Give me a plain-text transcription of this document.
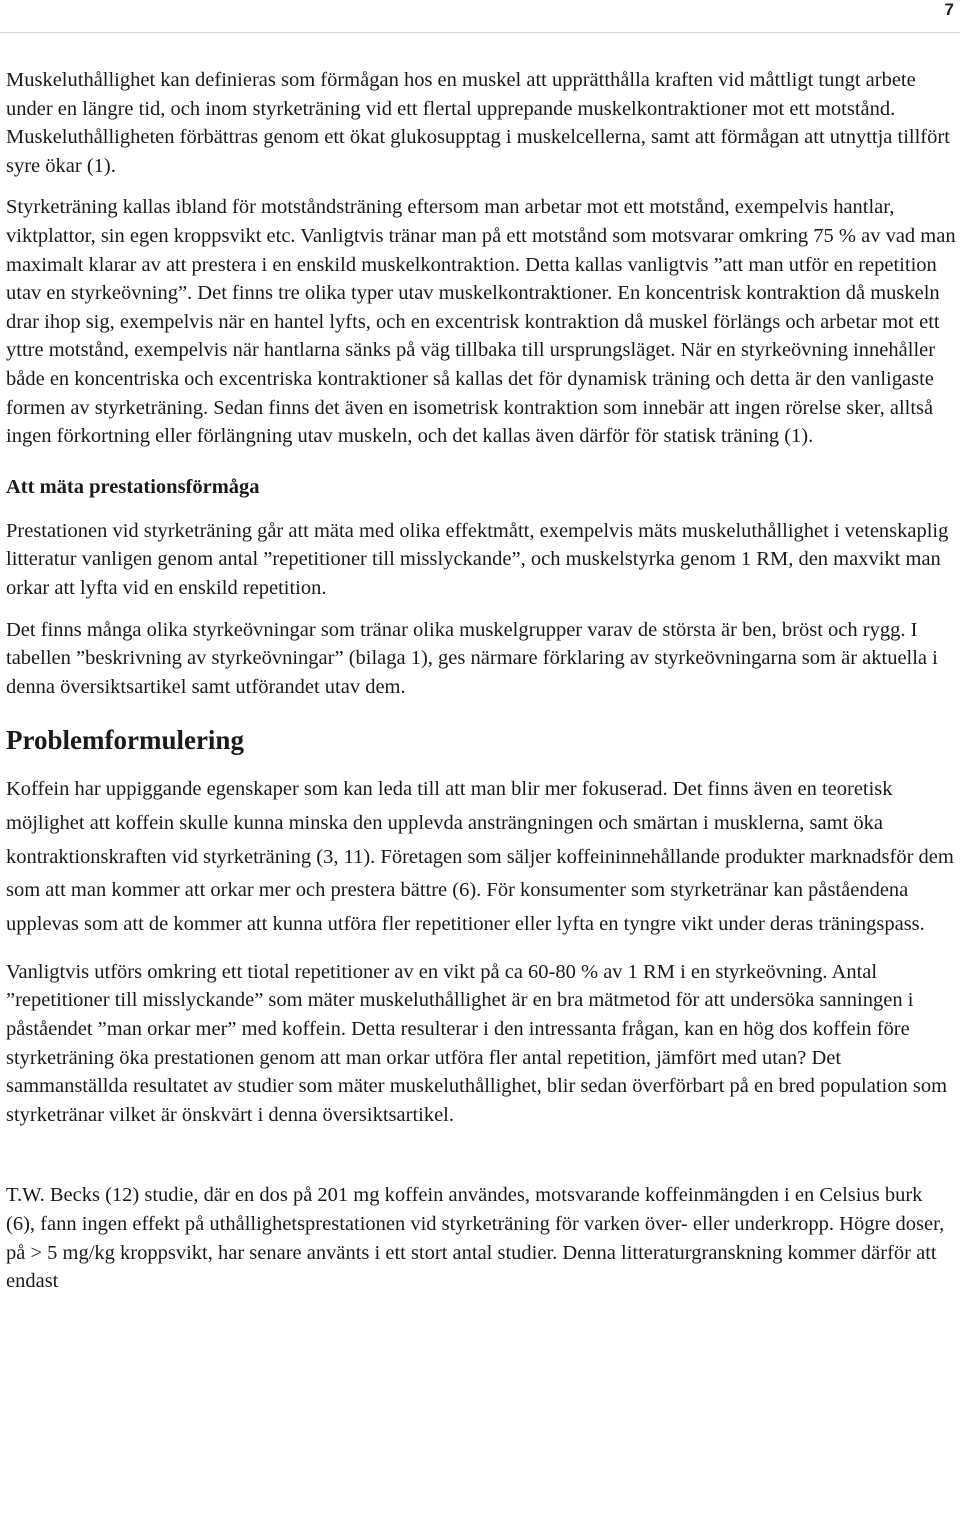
7

Muskeluthållighet kan definieras som förmågan hos en muskel att upprätthålla kraften vid måttligt tungt arbete under en längre tid, och inom styrketräning vid ett flertal upprepande muskelkontraktioner mot ett motstånd. Muskeluthålligheten förbättras genom ett ökat glukosupptag i muskelcellerna, samt att förmågan att utnyttja tillfört syre ökar (1).

Styrketräning kallas ibland för motståndsträning eftersom man arbetar mot ett motstånd, exempelvis hantlar, viktplattor, sin egen kroppsvikt etc. Vanligtvis tränar man på ett motstånd som motsvarar omkring 75 % av vad man maximalt klarar av att prestera i en enskild muskelkontraktion. Detta kallas vanligtvis ”att man utför en repetition utav en styrkeövning”. Det finns tre olika typer utav muskelkontraktioner. En koncentrisk kontraktion då muskeln drar ihop sig, exempelvis när en hantel lyfts, och en excentrisk kontraktion då muskel förlängs och arbetar mot ett yttre motstånd, exempelvis när hantlarna sänks på väg tillbaka till ursprungsläget. När en styrkeövning innehåller både en koncentriska och excentriska kontraktioner så kallas det för dynamisk träning och detta är den vanligaste formen av styrketräning. Sedan finns det även en isometrisk kontraktion som innebär att ingen rörelse sker, alltså ingen förkortning eller förlängning utav muskeln, och det kallas även därför för statisk träning (1).

Att mäta prestationsförmåga

Prestationen vid styrketräning går att mäta med olika effektmått, exempelvis mäts muskeluthållighet i vetenskaplig litteratur vanligen genom antal ”repetitioner till misslyckande”, och muskelstyrka genom 1 RM, den maxvikt man orkar att lyfta vid en enskild repetition.

Det finns många olika styrkeövningar som tränar olika muskelgrupper varav de största är ben, bröst och rygg. I tabellen ”beskrivning av styrkeövningar” (bilaga 1), ges närmare förklaring av styrkeövningarna som är aktuella i denna översiktsartikel samt utförandet utav dem.

Problemformulering

Koffein har uppiggande egenskaper som kan leda till att man blir mer fokuserad. Det finns även en teoretisk möjlighet att koffein skulle kunna minska den upplevda ansträngningen och smärtan i musklerna, samt öka kontraktionskraften vid styrketräning (3, 11). Företagen som säljer koffeininnehållande produkter marknadsför dem som att man kommer att orkar mer och prestera bättre (6). För konsumenter som styrketränar kan påståendena upplevas som att de kommer att kunna utföra fler repetitioner eller lyfta en tyngre vikt under deras träningspass.

Vanligtvis utförs omkring ett tiotal repetitioner av en vikt på ca 60-80 % av 1 RM i en styrkeövning. Antal ”repetitioner till misslyckande” som mäter muskeluthållighet är en bra mätmetod för att undersöka sanningen i påståendet ”man orkar mer” med koffein. Detta resulterar i den intressanta frågan, kan en hög dos koffein före styrketräning öka prestationen genom att man orkar utföra fler antal repetition, jämfört med utan? Det sammanställda resultatet av studier som mäter muskeluthållighet, blir sedan överförbart på en bred population som styrketränar vilket är önskvärt i denna översiktsartikel.

T.W. Becks (12) studie, där en dos på 201 mg koffein användes, motsvarande koffeinmängden i en Celsius burk (6), fann ingen effekt på uthållighetsprestationen vid styrketräning för varken över- eller underkropp. Högre doser, på > 5 mg/kg kroppsvikt, har senare använts i ett stort antal studier. Denna litteraturgranskning kommer därför att endast
